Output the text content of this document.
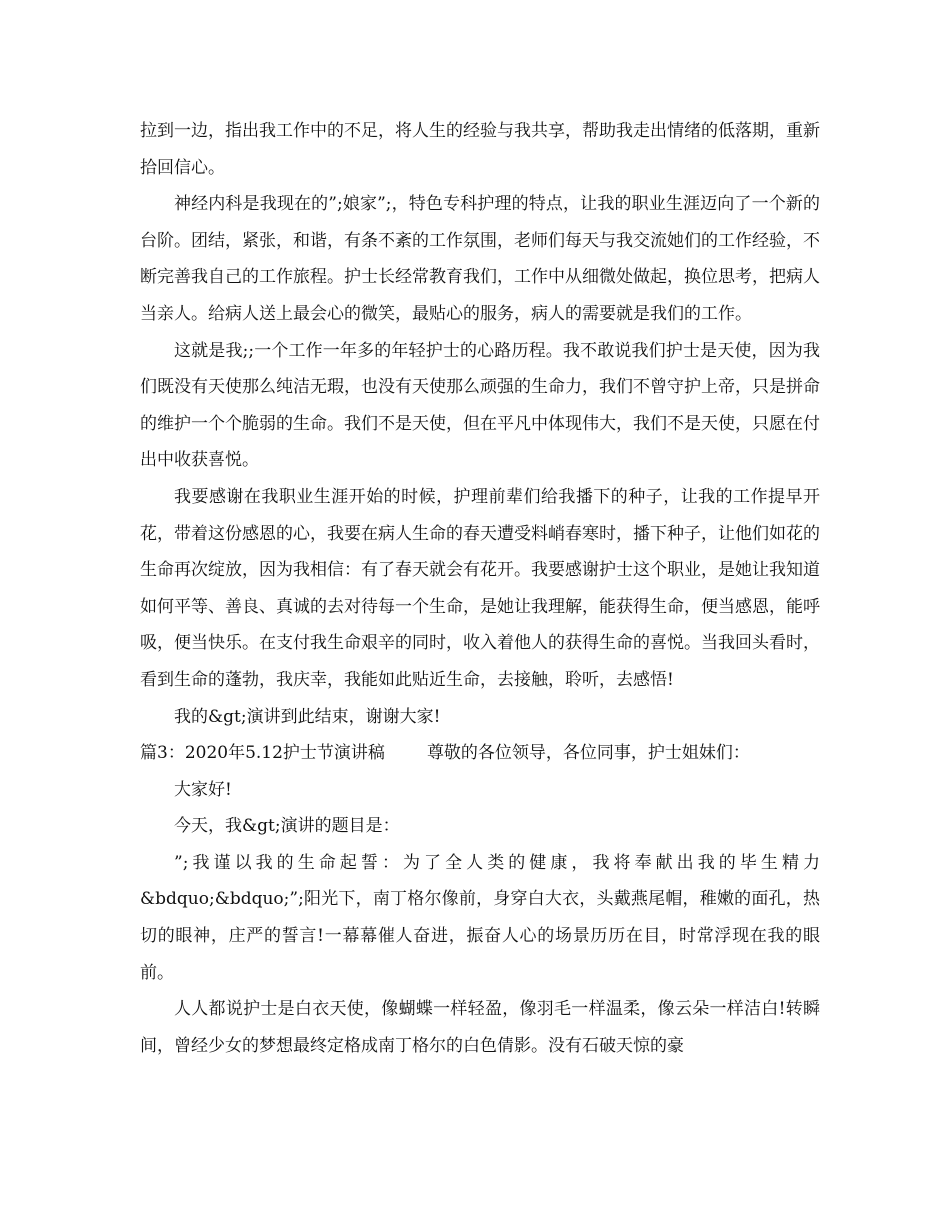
拉到一边，指出我工作中的不足，将人生的经验与我共享，帮助我走出情绪的低落期，重新拾回信心。

神经内科是我现在的”;娘家”;，特色专科护理的特点，让我的职业生涯迈向了一个新的台阶。团结，紧张，和谐，有条不紊的工作氛围，老师们每天与我交流她们的工作经验，不断完善我自己的工作旅程。护士长经常教育我们，工作中从细微处做起，换位思考，把病人当亲人。给病人送上最会心的微笑，最贴心的服务，病人的需要就是我们的工作。

这就是我;;一个工作一年多的年轻护士的心路历程。我不敢说我们护士是天使，因为我们既没有天使那么纯洁无瑕，也没有天使那么顽强的生命力，我们不曾守护上帝，只是拼命的维护一个个脆弱的生命。我们不是天使，但在平凡中体现伟大，我们不是天使，只愿在付出中收获喜悦。

我要感谢在我职业生涯开始的时候，护理前辈们给我播下的种子，让我的工作提早开花，带着这份感恩的心，我要在病人生命的春天遭受料峭春寒时，播下种子，让他们如花的生命再次绽放，因为我相信：有了春天就会有花开。我要感谢护士这个职业，是她让我知道如何平等、善良、真诚的去对待每一个生命，是她让我理解，能获得生命，便当感恩，能呼吸，便当快乐。在支付我生命艰辛的同时，收入着他人的获得生命的喜悦。当我回头看时，看到生命的蓬勃，我庆幸，我能如此贴近生命，去接触，聆听，去感悟!

我的&gt;演讲到此结束，谢谢大家!

篇3：2020年5.12护士节演讲稿 尊敬的各位领导，各位同事，护士姐妹们：

大家好!

今天，我&gt;演讲的题目是：

”;我谨以我的生命起誓：为了全人类的健康，我将奉献出我的毕生精力&bdquo;&bdquo;”;阳光下，南丁格尔像前，身穿白大衣，头戴燕尾帽，稚嫩的面孔，热切的眼神，庄严的誓言!一幕幕催人奋进，振奋人心的场景历历在目，时常浮现在我的眼前。

人人都说护士是白衣天使，像蝴蝶一样轻盈，像羽毛一样温柔，像云朵一样洁白!转瞬间，曾经少女的梦想最终定格成南丁格尔的白色倩影。没有石破天惊的豪
